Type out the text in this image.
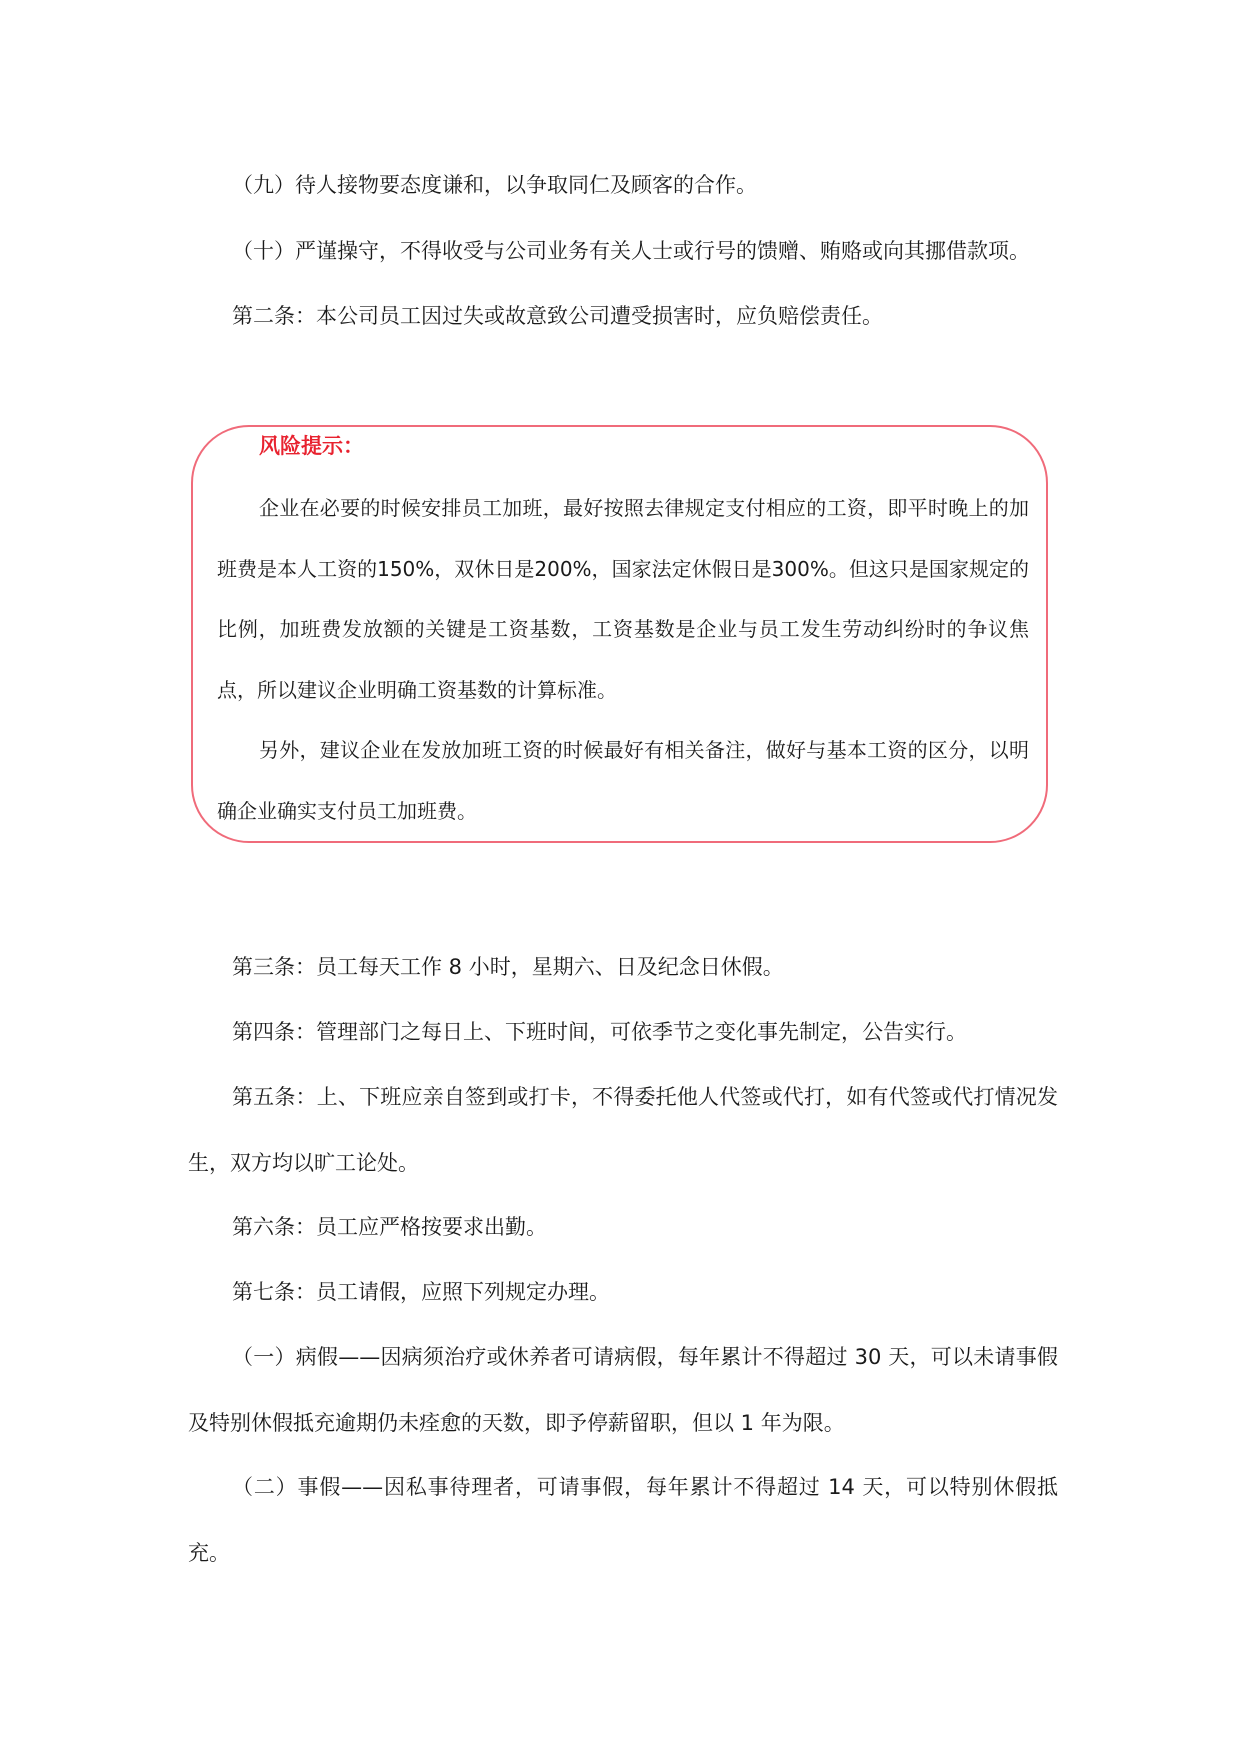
（九）待人接物要态度谦和，以争取同仁及顾客的合作。

（十）严谨操守，不得收受与公司业务有关人士或行号的馈赠、贿赂或向其挪借款项。

第二条：本公司员工因过失或故意致公司遭受损害时，应负赔偿责任。

风险提示：

企业在必要的时候安排员工加班，最好按照去律规定支付相应的工资，即平时晚上的加班费是本人工资的150%，双休日是200%，国家法定休假日是300%。但这只是国家规定的比例，加班费发放额的关键是工资基数，工资基数是企业与员工发生劳动纠纷时的争议焦点，所以建议企业明确工资基数的计算标准。

另外，建议企业在发放加班工资的时候最好有相关备注，做好与基本工资的区分，以明确企业确实支付员工加班费。

第三条：员工每天工作 8 小时，星期六、日及纪念日休假。

第四条：管理部门之每日上、下班时间，可依季节之变化事先制定，公告实行。

第五条：上、下班应亲自签到或打卡，不得委托他人代签或代打，如有代签或代打情况发生，双方均以旷工论处。

第六条：员工应严格按要求出勤。

第七条：员工请假，应照下列规定办理。

（一）病假——因病须治疗或休养者可请病假，每年累计不得超过 30 天，可以未请事假及特别休假抵充逾期仍未痊愈的天数，即予停薪留职，但以 1 年为限。

（二）事假——因私事待理者，可请事假，每年累计不得超过 14 天，可以特别休假抵充。
